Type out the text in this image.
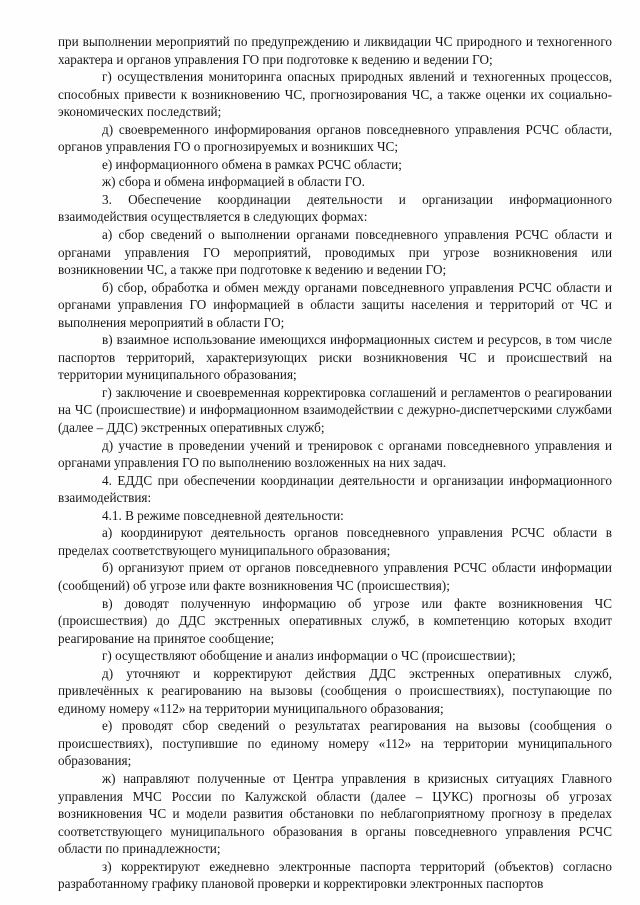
при выполнении мероприятий по предупреждению и ликвидации ЧС природного и техногенного характера и органов управления ГО при подготовке к ведению и ведении ГО;

г) осуществления мониторинга опасных природных явлений и техногенных процессов, способных привести к возникновению ЧС, прогнозирования ЧС, а также оценки их социально-экономических последствий;

д) своевременного информирования органов повседневного управления РСЧС области, органов управления ГО о прогнозируемых и возникших ЧС;

е) информационного обмена в рамках РСЧС области;

ж) сбора и обмена информацией в области ГО.

3. Обеспечение координации деятельности и организации информационного взаимодействия осуществляется в следующих формах:

а) сбор сведений о выполнении органами повседневного управления РСЧС области и органами управления ГО мероприятий, проводимых при угрозе возникновения или возникновении ЧС, а также при подготовке к ведению и ведении ГО;

б) сбор, обработка и обмен между органами повседневного управления РСЧС области и органами управления ГО информацией в области защиты населения и территорий от ЧС и выполнения мероприятий в области ГО;

в) взаимное использование имеющихся информационных систем и ресурсов, в том числе паспортов территорий, характеризующих риски возникновения ЧС и происшествий на территории муниципального образования;

г) заключение и своевременная корректировка соглашений и регламентов о реагировании на ЧС (происшествие) и информационном взаимодействии с дежурно-диспетчерскими службами (далее – ДДС) экстренных оперативных служб;

д) участие в проведении учений и тренировок с органами повседневного управления и органами управления ГО по выполнению возложенных на них задач.

4. ЕДДС при обеспечении координации деятельности и организации информационного взаимодействия:

4.1. В режиме повседневной деятельности:

а) координируют деятельность органов повседневного управления РСЧС области в пределах соответствующего муниципального образования;

б) организуют прием от органов повседневного управления РСЧС области информации (сообщений) об угрозе или факте возникновения ЧС (происшествия);

в) доводят полученную информацию об угрозе или факте возникновения ЧС (происшествия) до ДДС экстренных оперативных служб, в компетенцию которых входит реагирование на принятое сообщение;

г) осуществляют обобщение и анализ информации о ЧС (происшествии);

д) уточняют и корректируют действия ДДС экстренных оперативных служб, привлечённых к реагированию на вызовы (сообщения о происшествиях), поступающие по единому номеру «112» на территории муниципального образования;

е) проводят сбор сведений о результатах реагирования на вызовы (сообщения о происшествиях), поступившие по единому номеру «112» на территории муниципального образования;

ж) направляют полученные от Центра управления в кризисных ситуациях Главного управления МЧС России по Калужской области (далее – ЦУКС) прогнозы об угрозах возникновения ЧС и модели развития обстановки по неблагоприятному прогнозу в пределах соответствующего муниципального образования в органы повседневного управления РСЧС области по принадлежности;

з) корректируют ежедневно электронные паспорта территорий (объектов) согласно разработанному графику плановой проверки и корректировки электронных паспортов
